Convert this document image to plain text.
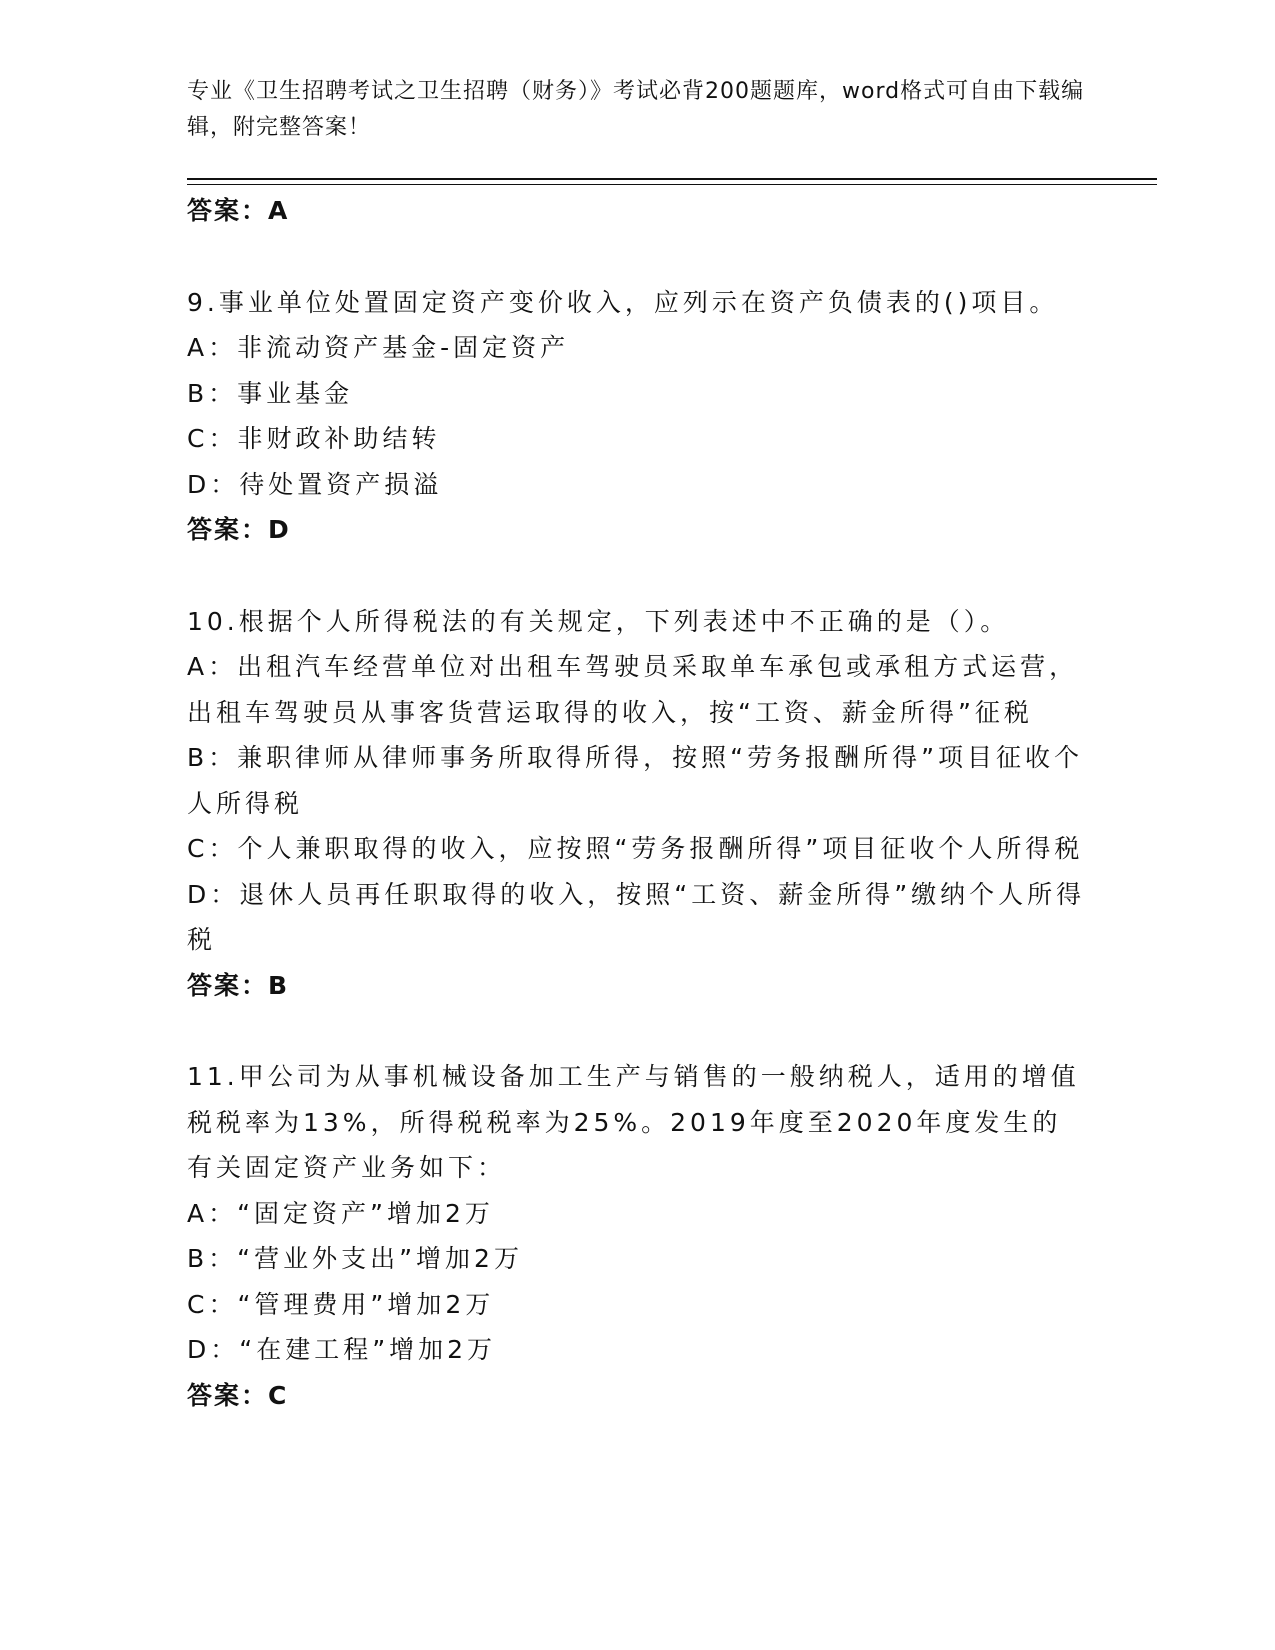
专业《卫生招聘考试之卫生招聘（财务）》考试必背200题题库，word格式可自由下载编辑，附完整答案！
答案：A
9.事业单位处置固定资产变价收入，应列示在资产负债表的()项目。
A：非流动资产基金-固定资产
B：事业基金
C：非财政补助结转
D：待处置资产损溢
答案：D
10.根据个人所得税法的有关规定，下列表述中不正确的是（）。
A：出租汽车经营单位对出租车驾驶员采取单车承包或承租方式运营，出租车驾驶员从事客货营运取得的收入，按“工资、薪金所得”征税
B：兼职律师从律师事务所取得所得，按照“劳务报酬所得”项目征收个人所得税
C：个人兼职取得的收入，应按照“劳务报酬所得”项目征收个人所得税
D：退休人员再任职取得的收入，按照“工资、薪金所得”缴纳个人所得税
答案：B
11.甲公司为从事机械设备加工生产与销售的一般纳税人，适用的增值税税率为13%，所得税税率为25%。2019年度至2020年度发生的有关固定资产业务如下：
A：“固定资产”增加2万
B：“营业外支出”增加2万
C：“管理费用”增加2万
D：“在建工程”增加2万
答案：C
